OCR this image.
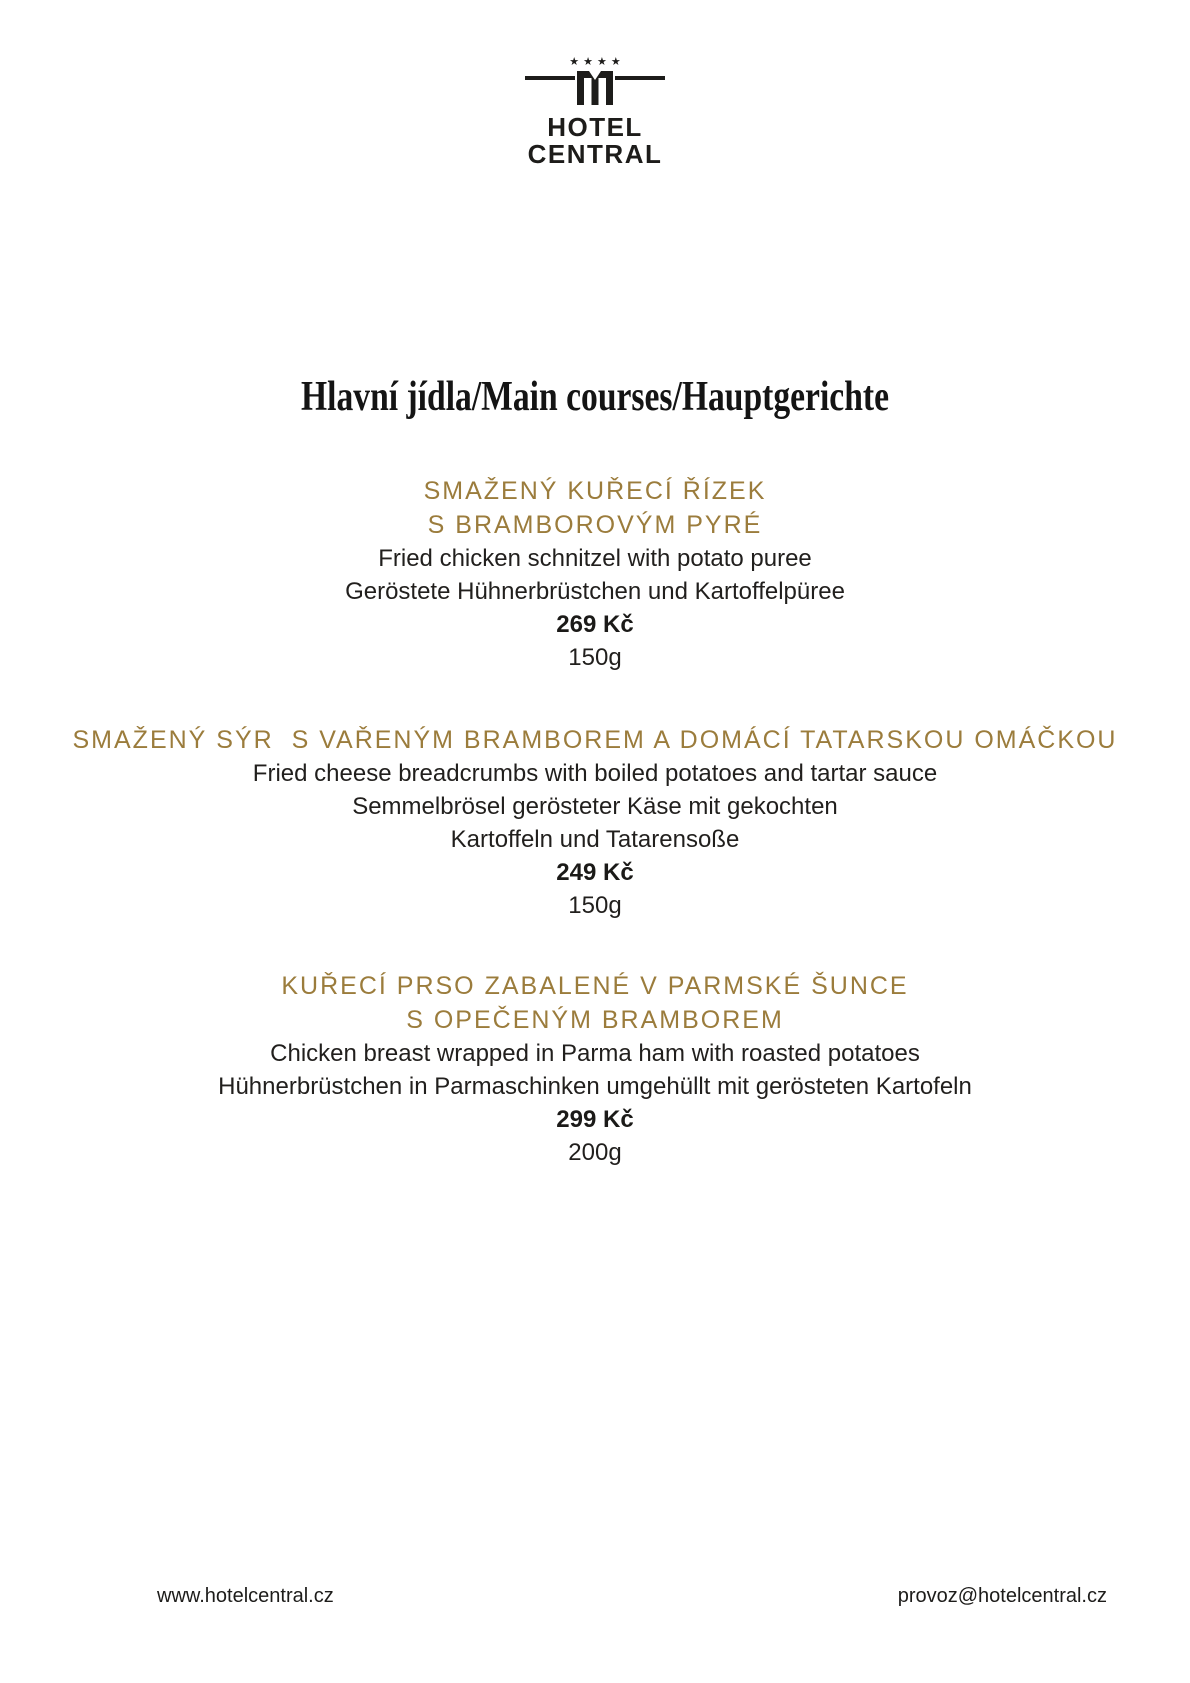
★★★★
HOTEL
CENTRAL
Hlavní jídla/Main courses/Hauptgerichte
SMAŽENÝ KUŘECÍ ŘÍZEK
S BRAMBOROVÝM PYRÉ
Fried chicken schnitzel with potato puree
Geröstete Hühnerbrüstchen und Kartoffelpüree
269 Kč
150g
SMAŽENÝ SÝR  S VAŘENÝM BRAMBOREM A DOMÁCÍ TATARSKOU OMÁČKOU
Fried cheese breadcrumbs with boiled potatoes and tartar sauce
Semmelbrösel gerösteter Käse mit gekochten
Kartoffeln und Tatarensoße
249 Kč
150g
KUŘECÍ PRSO ZABALENÉ V PARMSKÉ ŠUNCE
S OPEČENÝM BRAMBOREM
Chicken breast wrapped in Parma ham with roasted potatoes
Hühnerbrüstchen in Parmaschinken umgehüllt mit gerösteten Kartofeln
299 Kč
200g
www.hotelcentral.cz	provoz@hotelcentral.cz
